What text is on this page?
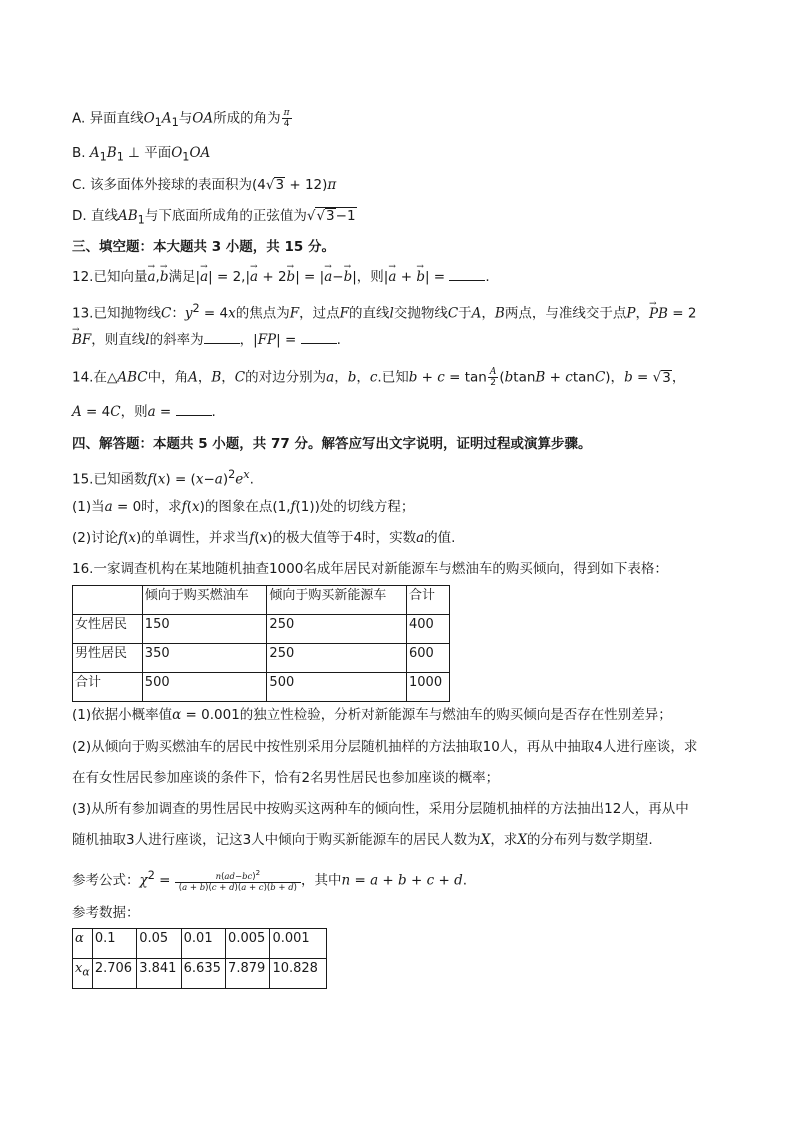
A. 异面直线$O_1A_1$与OA所成的角为 $\frac{\pi}{4}$
B. $A_1B_1$ ⊥ 平面$O_1OA$
C. 该多面体外接球的表面积为(4√3 + 12)π
D. 直线$AB_1$与下底面所成角的正弦值为√√3−1
三、填空题：本大题共 3 小题，共 15 分。
12.已知向量→ a,→ b满足|→ a| = 2,|→ a + 2→ b| = |→ a−→ b|，则|→ a + → b| =	.
13.已知抛物线C：$y^2 = 4x$的焦点为F，过点F的直线l交抛物线C于A，B两点，与准线交于点P，→ PB = 2
→ BF，则直线l的斜率为	，|FP| =	.
14.在△ABC中，角A，B，C的对边分别为a，b，c.已知$b + c = \tan \frac{A}{2} (btanB + ctanC)$，b = √3，
A = 4C，则a =	.
四、解答题：本题共 5 小题，共 77 分。解答应写出文字说明，证明过程或演算步骤。
15.已知函数$f(x) = (x-a)^2e^x$.
(1)当a = 0时，求f(x)的图象在点(1,f(1))处的切线方程；
(2)讨论f(x)的单调性，并求当f(x)的极大值等于4时，实数a的值.
16.一家调查机构在某地随机抽查1000名成年居民对新能源车与燃油车的购买倾向，得到如下表格：
	倾向于购买燃油车	倾向于购买新能源车	合计
女性居民	150	250	400
男性居民	350	250	600
合计	500	500	1000
(1)依据小概率值α = 0.001的独立性检验，分析对新能源车与燃油车的购买倾向是否存在性别差异；
(2)从倾向于购买燃油车的居民中按性别采用分层随机抽样的方法抽取10人，再从中抽取4人进行座谈，求
在有女性居民参加座谈的条件下，恰有2名男性居民也参加座谈的概率；
(3)从所有参加调查的男性居民中按购买这两种车的倾向性，采用分层随机抽样的方法抽出12人，再从中
随机抽取3人进行座谈，记这3人中倾向于购买新能源车的居民人数为X，求X的分布列与数学期望.
参考公式：$\chi^2 = \frac{n(ad-bc)^2}{(a + b)(c + d)(a + c)(b + d)}$ ，其中n = a + b + c + d.
参考数据：
α	0.1	0.05	0.01	0.005	0.001
$x_\alpha$	2.706	3.841	6.635	7.879	10.828
